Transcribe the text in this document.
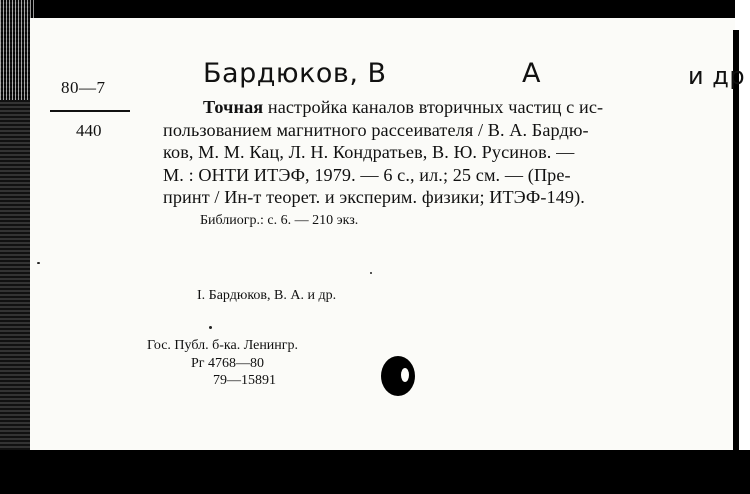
80—7
440
Бардюков, В	А	и др
Точная настройка каналов вторичных частиц с ис-
пользованием магнитного рассеивателя / В. А. Бардю-
ков, М. М. Кац, Л. Н. Кондратьев, В. Ю. Русинов. —
М. : ОНТИ ИТЭФ, 1979. — 6 с., ил.; 25 см. — (Пре-
принт / Ин-т теорет. и эксперим. физики; ИТЭФ-149).
Библиогр.: с. 6. — 210 экз.
I. Бардюков, В. А. и др.
Гос. Публ. б-ка. Ленингр.
Рг 4768—80
79—15891
